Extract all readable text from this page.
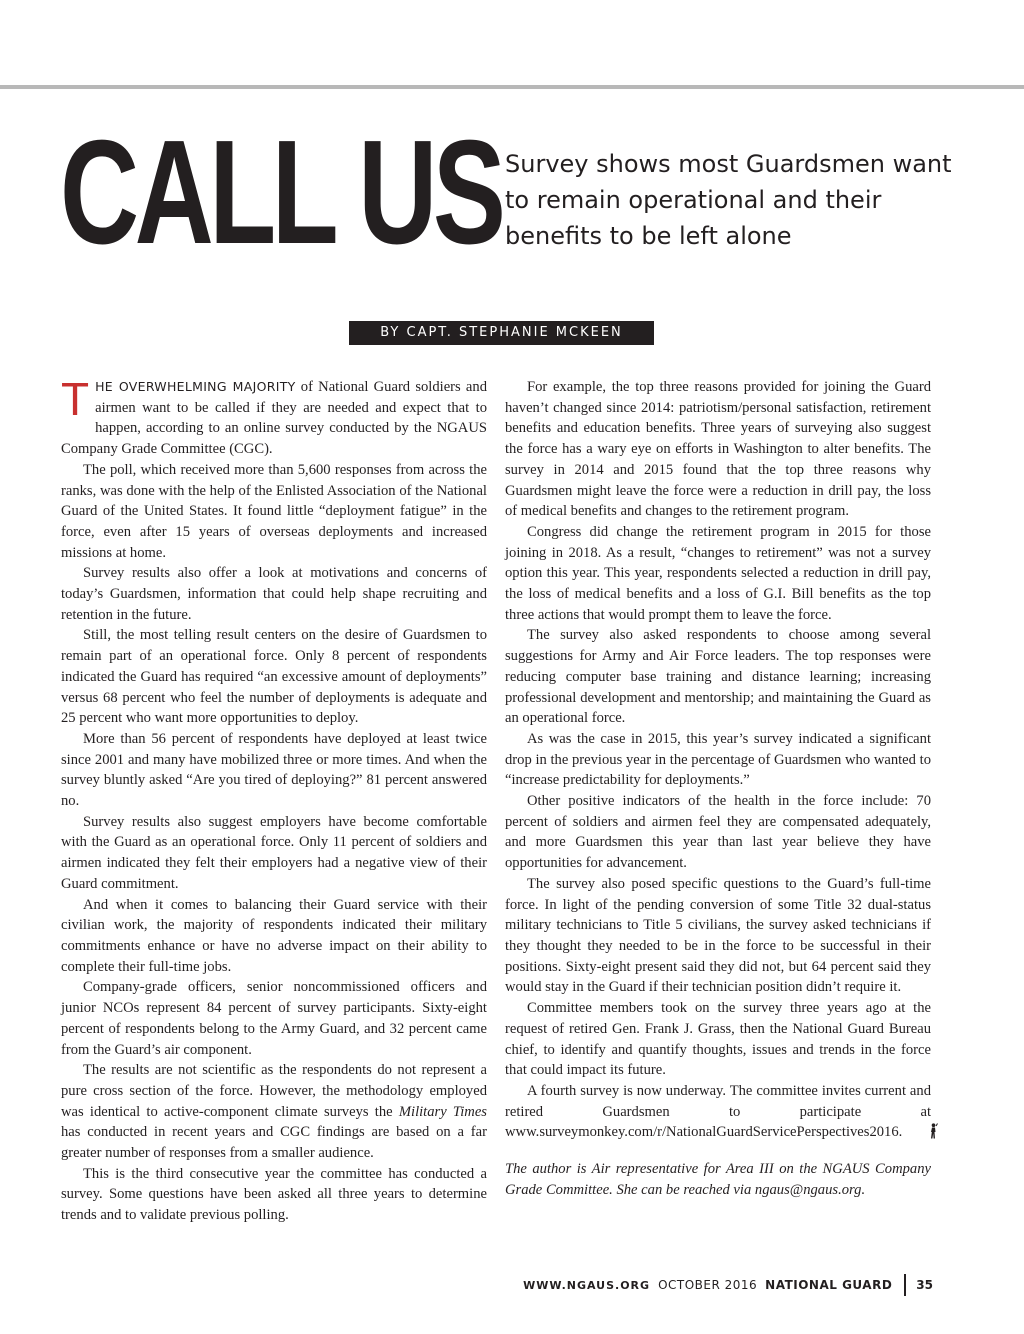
CALL US Survey shows most Guardsmen want to remain operational and their benefits to be left alone
BY CAPT. STEPHANIE MCKEEN

THE OVERWHELMING MAJORITY of National Guard soldiers and airmen want to be called if they are needed and expect that to happen, according to an online survey conducted by the NGAUS Company Grade Committee (CGC).

The poll, which received more than 5,600 responses from across the ranks, was done with the help of the Enlisted Association of the National Guard of the United States. It found little “deployment fatigue” in the force, even after 15 years of overseas deployments and increased missions at home.

Survey results also offer a look at motivations and concerns of today’s Guardsmen, information that could help shape recruiting and retention in the future.

Still, the most telling result centers on the desire of Guardsmen to remain part of an operational force. Only 8 percent of respondents indicated the Guard has required “an excessive amount of deployments” versus 68 percent who feel the number of deployments is adequate and 25 percent who want more opportunities to deploy.

More than 56 percent of respondents have deployed at least twice since 2001 and many have mobilized three or more times. And when the survey bluntly asked “Are you tired of deploying?” 81 percent answered no.

Survey results also suggest employers have become comfortable with the Guard as an operational force. Only 11 percent of soldiers and airmen indicated they felt their employers had a negative view of their Guard commitment.

And when it comes to balancing their Guard service with their civilian work, the majority of respondents indicated their military commitments enhance or have no adverse impact on their ability to complete their full-time jobs.

Company-grade officers, senior noncommissioned officers and junior NCOs represent 84 percent of survey participants. Sixty-eight percent of respondents belong to the Army Guard, and 32 percent came from the Guard’s air component.

The results are not scientific as the respondents do not represent a pure cross section of the force. However, the methodology employed was identical to active-component climate surveys the Military Times has conducted in recent years and CGC findings are based on a far greater number of responses from a smaller audience.

This is the third consecutive year the committee has conducted a survey. Some questions have been asked all three years to determine trends and to validate previous polling.

For example, the top three reasons provided for joining the Guard haven’t changed since 2014: patriotism/personal satisfaction, retirement benefits and education benefits. Three years of surveying also suggest the force has a wary eye on efforts in Washington to alter benefits. The survey in 2014 and 2015 found that the top three reasons why Guardsmen might leave the force were a reduction in drill pay, the loss of medical benefits and changes to the retirement program.

Congress did change the retirement program in 2015 for those joining in 2018. As a result, “changes to retirement” was not a survey option this year. This year, respondents selected a reduction in drill pay, the loss of medical benefits and a loss of G.I. Bill benefits as the top three actions that would prompt them to leave the force.

The survey also asked respondents to choose among several suggestions for Army and Air Force leaders. The top responses were reducing computer base training and distance learning; increasing professional development and mentorship; and maintaining the Guard as an operational force.

As was the case in 2015, this year’s survey indicated a significant drop in the previous year in the percentage of Guardsmen who wanted to “increase predictability for deployments.”

Other positive indicators of the health in the force include: 70 percent of soldiers and airmen feel they are compensated adequately, and more Guardsmen this year than last year believe they have opportunities for advancement.

The survey also posed specific questions to the Guard’s full-time force. In light of the pending conversion of some Title 32 dual-status military technicians to Title 5 civilians, the survey asked technicians if they thought they needed to be in the force to be successful in their positions. Sixty-eight present said they did not, but 64 percent said they would stay in the Guard if their technician position didn’t require it.

Committee members took on the survey three years ago at the request of retired Gen. Frank J. Grass, then the National Guard Bureau chief, to identify and quantify thoughts, issues and trends in the force that could impact its future.

A fourth survey is now underway. The committee invites current and retired Guardsmen to participate at www.surveymonkey.com/r/NationalGuardServicePerspectives2016.

The author is Air representative for Area III on the NGAUS Company Grade Committee. She can be reached via ngaus@ngaus.org.

WWW.NGAUS.ORG OCTOBER 2016 NATIONAL GUARD 35
